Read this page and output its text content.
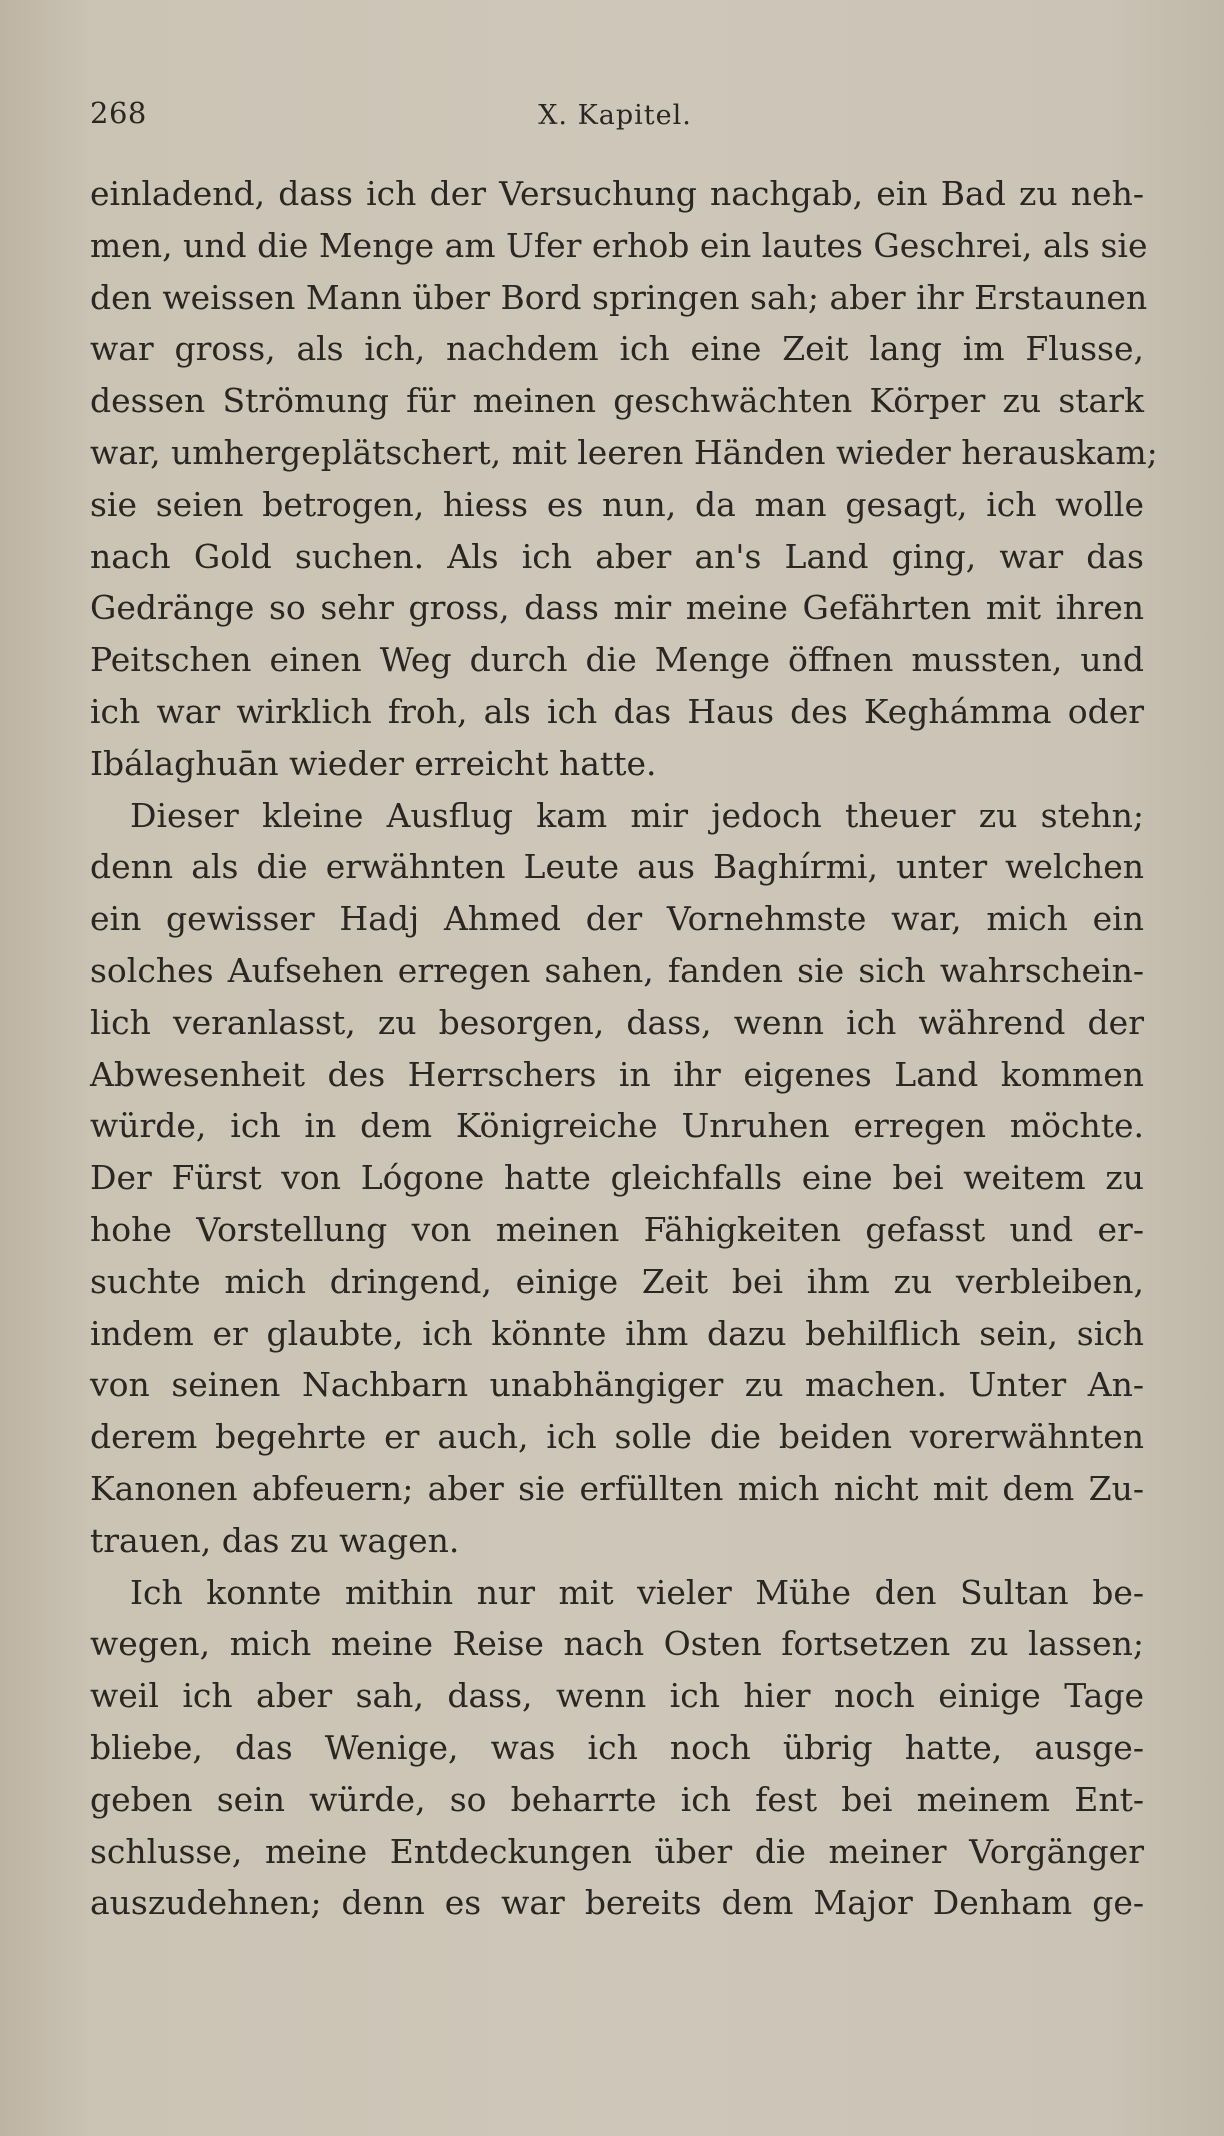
268	X. Kapitel.
einladend, dass ich der Versuchung nachgab, ein Bad zu neh-
men, und die Menge am Ufer erhob ein lautes Geschrei, als sie
den weissen Mann über Bord springen sah; aber ihr Erstaunen
war gross, als ich, nachdem ich eine Zeit lang im Flusse,
dessen Strömung für meinen geschwächten Körper zu stark
war, umhergeplätschert, mit leeren Händen wieder herauskam;
sie seien betrogen, hiess es nun, da man gesagt, ich wolle
nach Gold suchen. Als ich aber an's Land ging, war das
Gedränge so sehr gross, dass mir meine Gefährten mit ihren
Peitschen einen Weg durch die Menge öffnen mussten, und
ich war wirklich froh, als ich das Haus des Keghámma oder
Ibálaghuān wieder erreicht hatte.
Dieser kleine Ausflug kam mir jedoch theuer zu stehn;
denn als die erwähnten Leute aus Baghírmi, unter welchen
ein gewisser Hadj Ahmed der Vornehmste war, mich ein
solches Aufsehen erregen sahen, fanden sie sich wahrschein-
lich veranlasst, zu besorgen, dass, wenn ich während der
Abwesenheit des Herrschers in ihr eigenes Land kommen
würde, ich in dem Königreiche Unruhen erregen möchte.
Der Fürst von Lógone hatte gleichfalls eine bei weitem zu
hohe Vorstellung von meinen Fähigkeiten gefasst und er-
suchte mich dringend, einige Zeit bei ihm zu verbleiben,
indem er glaubte, ich könnte ihm dazu behilflich sein, sich
von seinen Nachbarn unabhängiger zu machen. Unter An-
derem begehrte er auch, ich solle die beiden vorerwähnten
Kanonen abfeuern; aber sie erfüllten mich nicht mit dem Zu-
trauen, das zu wagen.
Ich konnte mithin nur mit vieler Mühe den Sultan be-
wegen, mich meine Reise nach Osten fortsetzen zu lassen;
weil ich aber sah, dass, wenn ich hier noch einige Tage
bliebe, das Wenige, was ich noch übrig hatte, ausge-
geben sein würde, so beharrte ich fest bei meinem Ent-
schlusse, meine Entdeckungen über die meiner Vorgänger
auszudehnen; denn es war bereits dem Major Denham ge-
